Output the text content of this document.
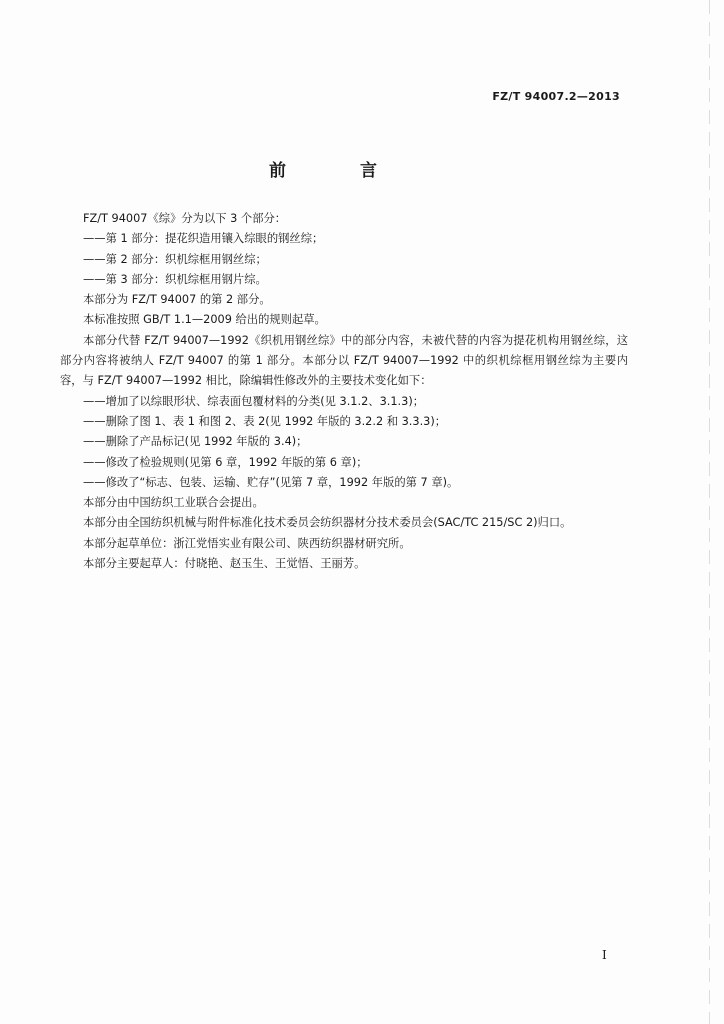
FZ/T 94007.2—2013
前 言

FZ/T 94007《综》分为以下 3 个部分：

——第 1 部分：提花织造用镶入综眼的钢丝综；

——第 2 部分：织机综框用钢丝综；

——第 3 部分：织机综框用钢片综。

本部分为 FZ/T 94007 的第 2 部分。

本标准按照 GB/T 1.1—2009 给出的规则起草。

本部分代替 FZ/T 94007—1992《织机用钢丝综》中的部分内容，未被代替的内容为提花机构用钢丝综，这部分内容将被纳人 FZ/T 94007 的第 1 部分。本部分以 FZ/T 94007—1992 中的织机综框用钢丝综为主要内容，与 FZ/T 94007—1992 相比，除编辑性修改外的主要技术变化如下：

——增加了以综眼形状、综表面包覆材料的分类(见 3.1.2、3.1.3)；

——删除了图 1、表 1 和图 2、表 2(见 1992 年版的 3.2.2 和 3.3.3)；

——删除了产品标记(见 1992 年版的 3.4)；

——修改了检验规则(见第 6 章，1992 年版的第 6 章)；

——修改了“标志、包装、运输、贮存”(见第 7 章，1992 年版的第 7 章)。

本部分由中国纺织工业联合会提出。

本部分由全国纺织机械与附件标准化技术委员会纺织器材分技术委员会(SAC/TC 215/SC 2)归口。

本部分起草单位：浙江党悟实业有限公司、陕西纺织器材研究所。

本部分主要起草人：付晓艳、赵玉生、王觉悟、王丽芳。

I
